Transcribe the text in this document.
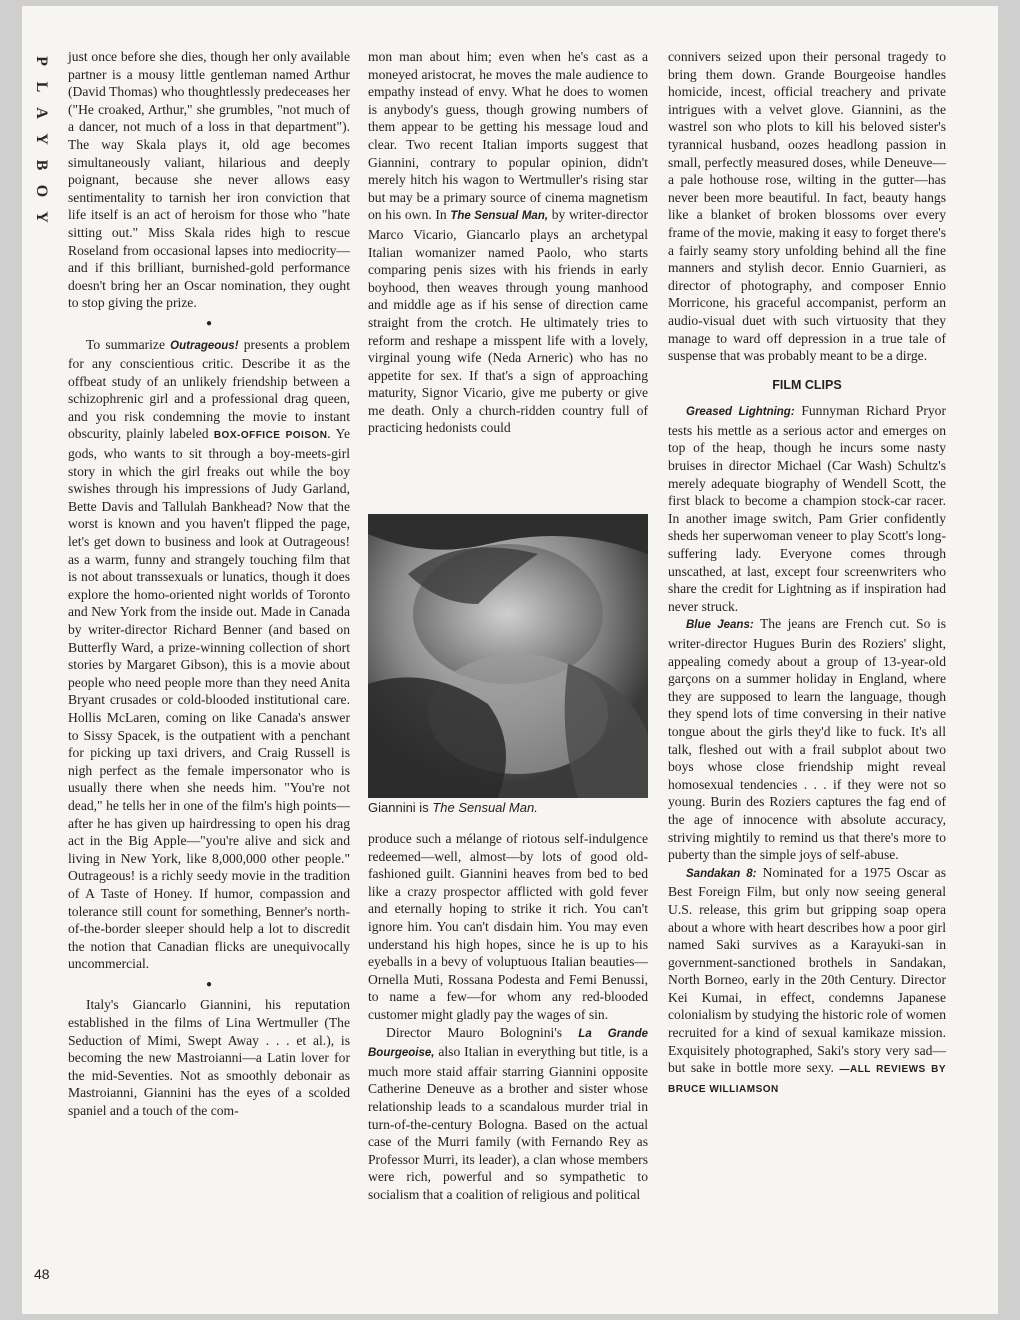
P
L
A
Y
B
O
Y

just once before she dies, though her only available partner is a mousy little gentleman named Arthur (David Thomas) who thoughtlessly predeceases her ("He croaked, Arthur," she grumbles, "not much of a dancer, not much of a loss in that department"). The way Skala plays it, old age becomes simultaneously valiant, hilarious and deeply poignant, because she never allows easy sentimentality to tarnish her iron conviction that life itself is an act of heroism for those who "hate sitting out." Miss Skala rides high to rescue Roseland from occasional lapses into mediocrity—and if this brilliant, burnished-gold performance doesn't bring her an Oscar nomination, they ought to stop giving the prize.

●

To summarize Outrageous! presents a problem for any conscientious critic. Describe it as the offbeat study of an unlikely friendship between a schizophrenic girl and a professional drag queen, and you risk condemning the movie to instant obscurity, plainly labeled BOX-OFFICE POISON. Ye gods, who wants to sit through a boy-meets-girl story in which the girl freaks out while the boy swishes through his impressions of Judy Garland, Bette Davis and Tallulah Bankhead? Now that the worst is known and you haven't flipped the page, let's get down to business and look at Outrageous! as a warm, funny and strangely touching film that is not about transsexuals or lunatics, though it does explore the homo-oriented night worlds of Toronto and New York from the inside out. Made in Canada by writer-director Richard Benner (and based on Butterfly Ward, a prize-winning collection of short stories by Margaret Gibson), this is a movie about people who need people more than they need Anita Bryant crusades or cold-blooded institutional care. Hollis McLaren, coming on like Canada's answer to Sissy Spacek, is the outpatient with a penchant for picking up taxi drivers, and Craig Russell is nigh perfect as the female impersonator who is usually there when she needs him. "You're not dead," he tells her in one of the film's high points—after he has given up hairdressing to open his drag act in the Big Apple—"you're alive and sick and living in New York, like 8,000,000 other people." Outrageous! is a richly seedy movie in the tradition of A Taste of Honey. If humor, compassion and tolerance still count for something, Benner's north-of-the-border sleeper should help a lot to discredit the notion that Canadian flicks are unequivocally uncommercial.

●

Italy's Giancarlo Giannini, his reputation established in the films of Lina Wertmuller (The Seduction of Mimi, Swept Away . . . et al.), is becoming the new Mastroianni—a Latin lover for the mid-Seventies. Not as smoothly debonair as Mastroianni, Giannini has the eyes of a scolded spaniel and a touch of the com-

mon man about him; even when he's cast as a moneyed aristocrat, he moves the male audience to empathy instead of envy. What he does to women is anybody's guess, though growing numbers of them appear to be getting his message loud and clear. Two recent Italian imports suggest that Giannini, contrary to popular opinion, didn't merely hitch his wagon to Wertmuller's rising star but may be a primary source of cinema magnetism on his own. In The Sensual Man, by writer-director Marco Vicario, Giancarlo plays an archetypal Italian womanizer named Paolo, who starts comparing penis sizes with his friends in early boyhood, then weaves through young manhood and middle age as if his sense of direction came straight from the crotch. He ultimately tries to reform and reshape a misspent life with a lovely, virginal young wife (Neda Arneric) who has no appetite for sex. If that's a sign of approaching maturity, Signor Vicario, give me puberty or give me death. Only a church-ridden country full of practicing hedonists could

Giannini is The Sensual Man.

produce such a mélange of riotous self-indulgence redeemed—well, almost—by lots of good old-fashioned guilt. Giannini heaves from bed to bed like a crazy prospector afflicted with gold fever and eternally hoping to strike it rich. You can't ignore him. You can't disdain him. You may even understand his high hopes, since he is up to his eyeballs in a bevy of voluptuous Italian beauties—Ornella Muti, Rossana Podesta and Femi Benussi, to name a few—for whom any red-blooded customer might gladly pay the wages of sin.

Director Mauro Bolognini's La Grande Bourgeoise, also Italian in everything but title, is a much more staid affair starring Giannini opposite Catherine Deneuve as a brother and sister whose relationship leads to a scandalous murder trial in turn-of-the-century Bologna. Based on the actual case of the Murri family (with Fernando Rey as Professor Murri, its leader), a clan whose members were rich, powerful and so sympathetic to socialism that a coalition of religious and political

connivers seized upon their personal tragedy to bring them down. Grande Bourgeoise handles homicide, incest, official treachery and private intrigues with a velvet glove. Giannini, as the wastrel son who plots to kill his beloved sister's tyrannical husband, oozes headlong passion in small, perfectly measured doses, while Deneuve—a pale hothouse rose, wilting in the gutter—has never been more beautiful. In fact, beauty hangs like a blanket of broken blossoms over every frame of the movie, making it easy to forget there's a fairly seamy story unfolding behind all the fine manners and stylish decor. Ennio Guarnieri, as director of photography, and composer Ennio Morricone, his graceful accompanist, perform an audio-visual duet with such virtuosity that they manage to ward off depression in a true tale of suspense that was probably meant to be a dirge.

FILM CLIPS

Greased Lightning: Funnyman Richard Pryor tests his mettle as a serious actor and emerges on top of the heap, though he incurs some nasty bruises in director Michael (Car Wash) Schultz's merely adequate biography of Wendell Scott, the first black to become a champion stock-car racer. In another image switch, Pam Grier confidently sheds her superwoman veneer to play Scott's long-suffering lady. Everyone comes through unscathed, at last, except four screenwriters who share the credit for Lightning as if inspiration had never struck.

Blue Jeans: The jeans are French cut. So is writer-director Hugues Burin des Roziers' slight, appealing comedy about a group of 13-year-old garçons on a summer holiday in England, where they are supposed to learn the language, though they spend lots of time conversing in their native tongue about the girls they'd like to fuck. It's all talk, fleshed out with a frail subplot about two boys whose close friendship might reveal homosexual tendencies . . . if they were not so young. Burin des Roziers captures the fag end of the age of innocence with absolute accuracy, striving mightily to remind us that there's more to puberty than the simple joys of self-abuse.

Sandakan 8: Nominated for a 1975 Oscar as Best Foreign Film, but only now seeing general U.S. release, this grim but gripping soap opera about a whore with heart describes how a poor girl named Saki survives as a Karayuki-san in government-sanctioned brothels in Sandakan, North Borneo, early in the 20th Century. Director Kei Kumai, in effect, condemns Japanese colonialism by studying the historic role of women recruited for a kind of sexual kamikaze mission. Exquisitely photographed, Saki's story very sad—but sake in bottle more sexy. —ALL REVIEWS BY BRUCE WILLIAMSON

48
